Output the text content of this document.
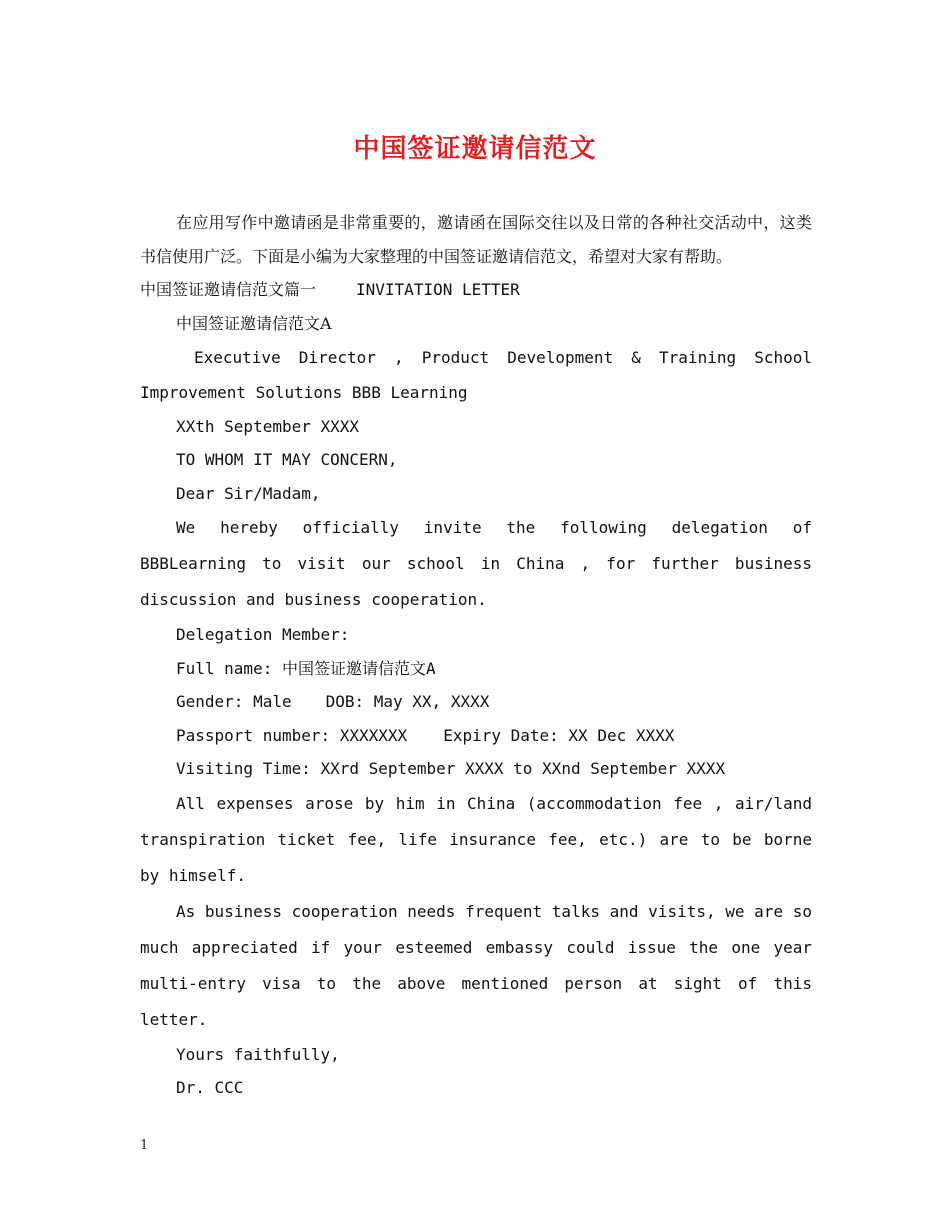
中国签证邀请信范文

在应用写作中邀请函是非常重要的，邀请函在国际交往以及日常的各种社交活动中，这类书信使用广泛。下面是小编为大家整理的中国签证邀请信范文，希望对大家有帮助。

中国签证邀请信范文篇一	INVITATION LETTER

中国签证邀请信范文A

Executive Director , Product Development & Training School

Improvement Solutions BBB Learning

XXth September XXXX

TO WHOM IT MAY CONCERN,

Dear Sir/Madam,

We hereby officially invite the following delegation of BBBLearning to visit our school in China , for further business discussion and business cooperation.

Delegation Member:

Full name: 中国签证邀请信范文A

Gender: Male DOB: May XX, XXXX

Passport number: XXXXXXX Expiry Date: XX Dec XXXX

Visiting Time: XXrd September XXXX to XXnd September XXXX

All expenses arose by him in China (accommodation fee , air/land transpiration ticket fee, life insurance fee, etc.) are to be borne by himself.

As business cooperation needs frequent talks and visits, we are so much appreciated if your esteemed embassy could issue the one year multi-entry visa to the above mentioned person at sight of this letter.

Yours faithfully,

Dr. CCC

1
